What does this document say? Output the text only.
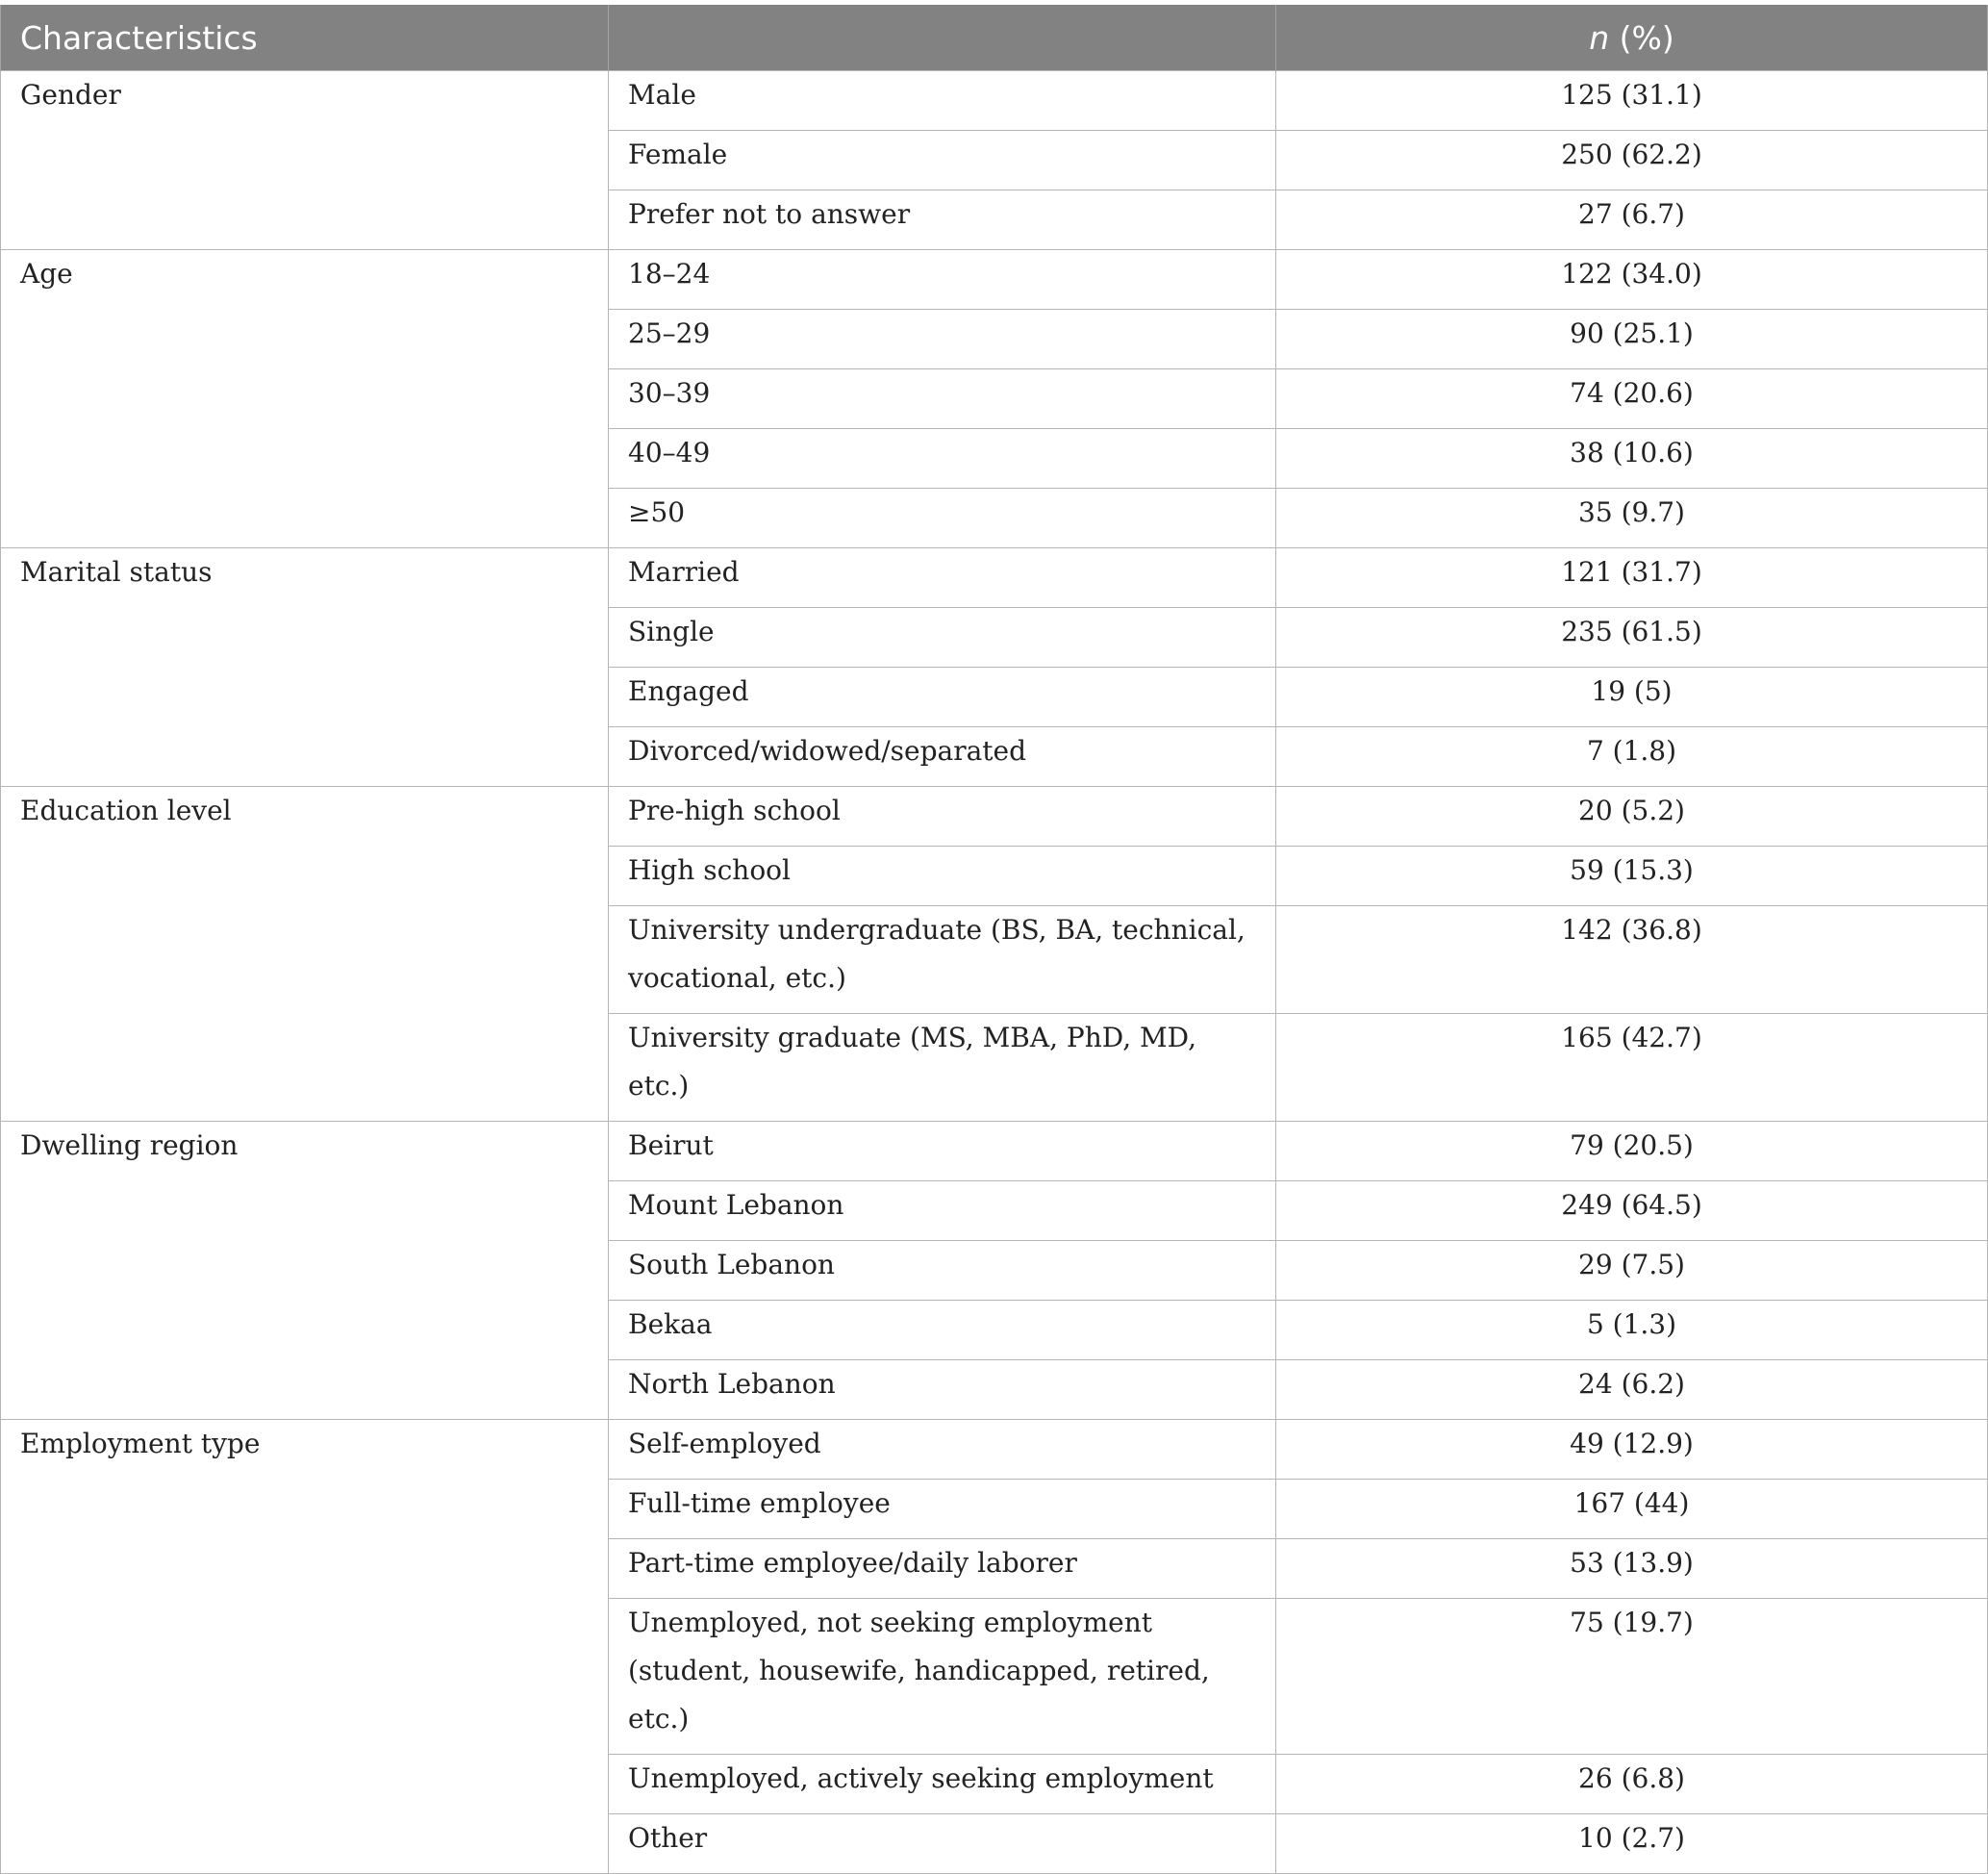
Characteristics		n (%)
Gender	Male	125 (31.1)
	Female	250 (62.2)
	Prefer not to answer	27 (6.7)
Age	18–24	122 (34.0)
	25–29	90 (25.1)
	30–39	74 (20.6)
	40–49	38 (10.6)
	≥50	35 (9.7)
Marital status	Married	121 (31.7)
	Single	235 (61.5)
	Engaged	19 (5)
	Divorced/widowed/separated	7 (1.8)
Education level	Pre-high school	20 (5.2)
	High school	59 (15.3)
	University undergraduate (BS, BA, technical, vocational, etc.)	142 (36.8)
	University graduate (MS, MBA, PhD, MD, etc.)	165 (42.7)
Dwelling region	Beirut	79 (20.5)
	Mount Lebanon	249 (64.5)
	South Lebanon	29 (7.5)
	Bekaa	5 (1.3)
	North Lebanon	24 (6.2)
Employment type	Self-employed	49 (12.9)
	Full-time employee	167 (44)
	Part-time employee/daily laborer	53 (13.9)
	Unemployed, not seeking employment (student, housewife, handicapped, retired, etc.)	75 (19.7)
	Unemployed, actively seeking employment	26 (6.8)
	Other	10 (2.7)
